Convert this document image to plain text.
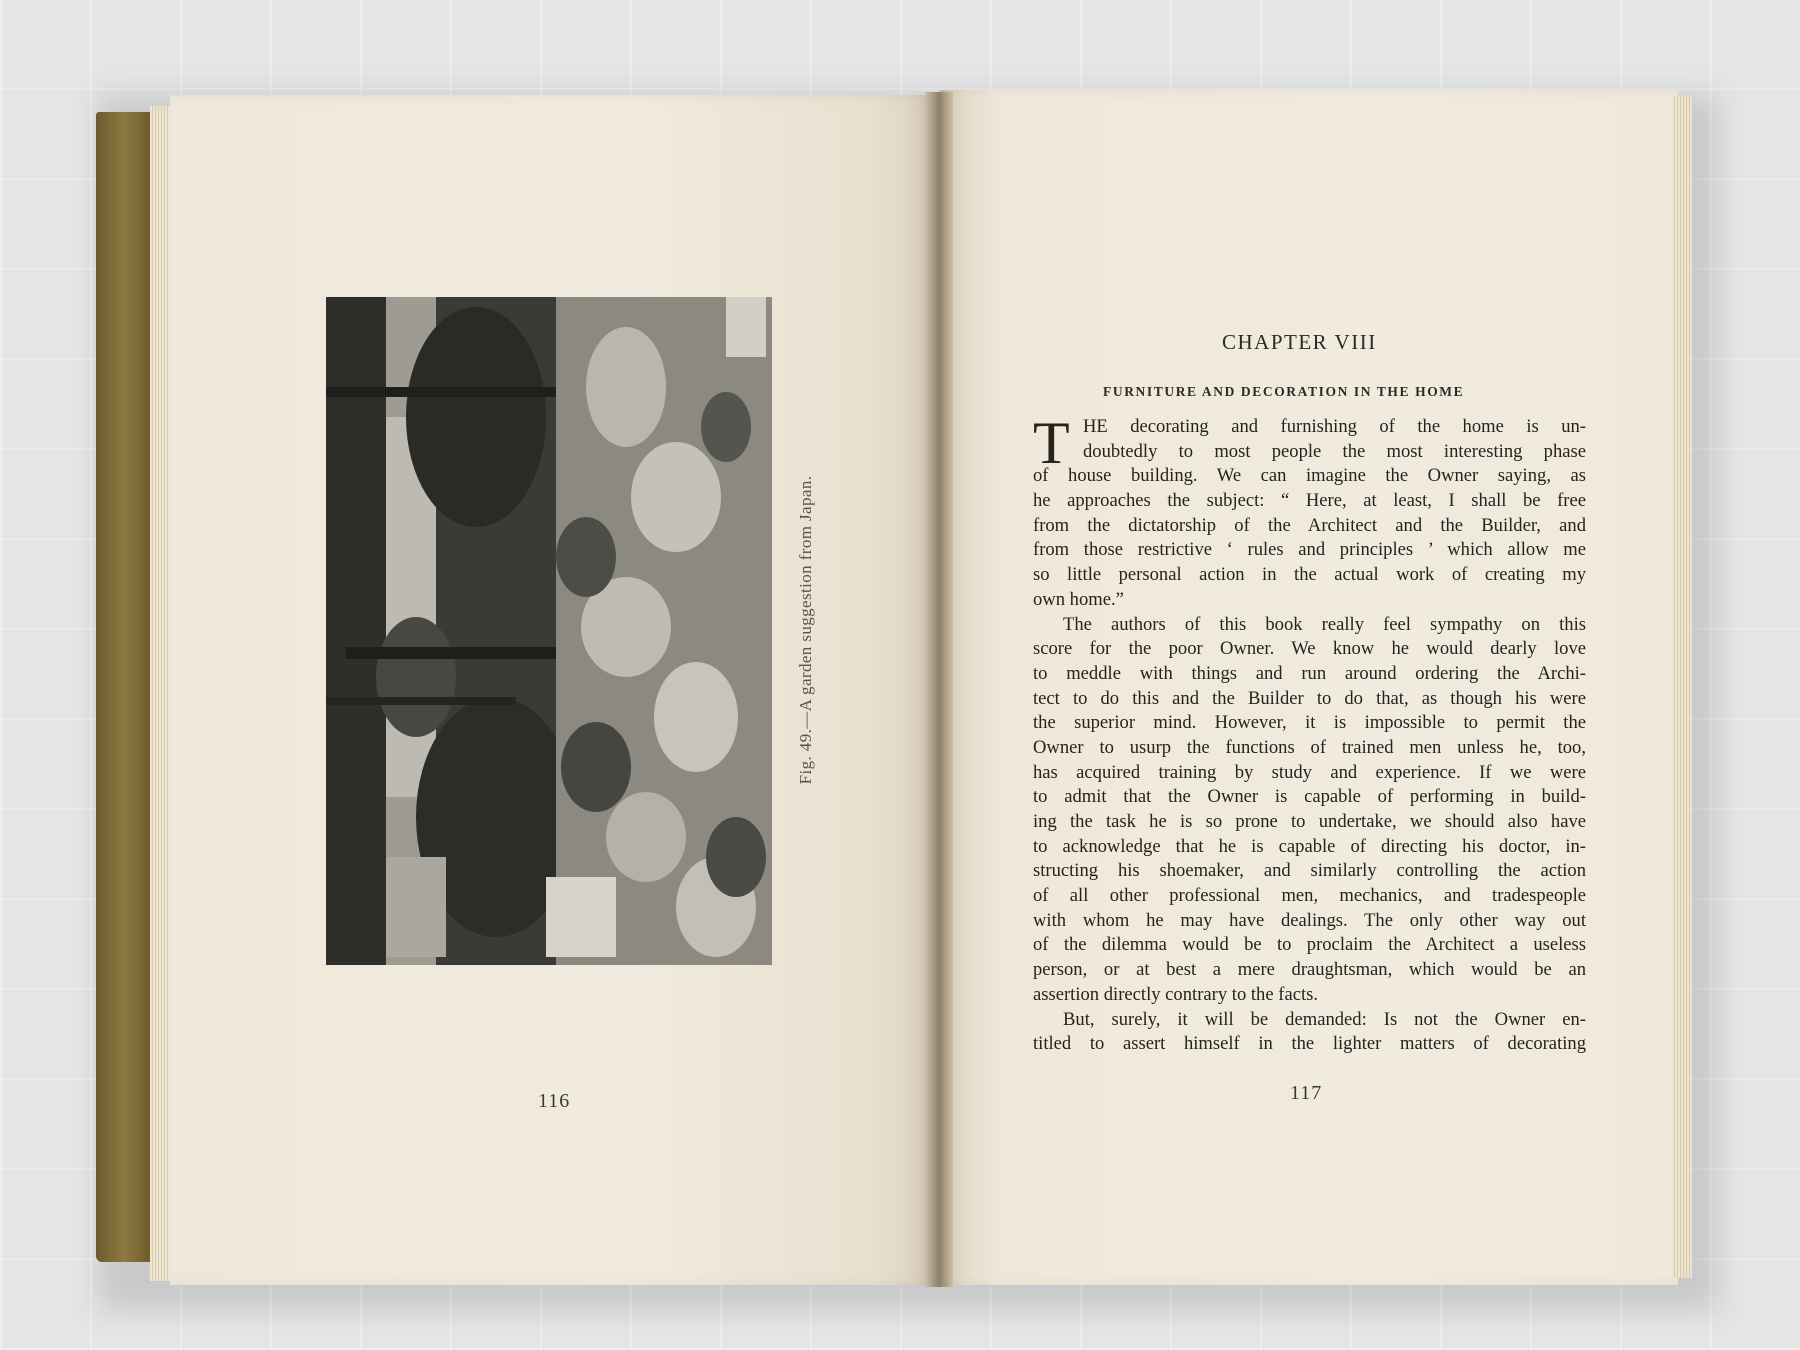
Fig. 49.—A garden suggestion from Japan.
116
CHAPTER VIII
FURNITURE AND DECORATION IN THE HOME
T HE decorating and furnishing of the home is un-
doubtedly to most people the most interesting phase
of house building. We can imagine the Owner saying, as
he approaches the subject: “ Here, at least, I shall be free
from the dictatorship of the Architect and the Builder, and
from those restrictive ‘ rules and principles ’ which allow me
so little personal action in the actual work of creating my
own home.”
The authors of this book really feel sympathy on this
score for the poor Owner. We know he would dearly love
to meddle with things and run around ordering the Archi-
tect to do this and the Builder to do that, as though his were
the superior mind. However, it is impossible to permit the
Owner to usurp the functions of trained men unless he, too,
has acquired training by study and experience. If we were
to admit that the Owner is capable of performing in build-
ing the task he is so prone to undertake, we should also have
to acknowledge that he is capable of directing his doctor, in-
structing his shoemaker, and similarly controlling the action
of all other professional men, mechanics, and tradespeople
with whom he may have dealings. The only other way out
of the dilemma would be to proclaim the Architect a useless
person, or at best a mere draughtsman, which would be an
assertion directly contrary to the facts.
But, surely, it will be demanded: Is not the Owner en-
titled to assert himself in the lighter matters of decorating
117
